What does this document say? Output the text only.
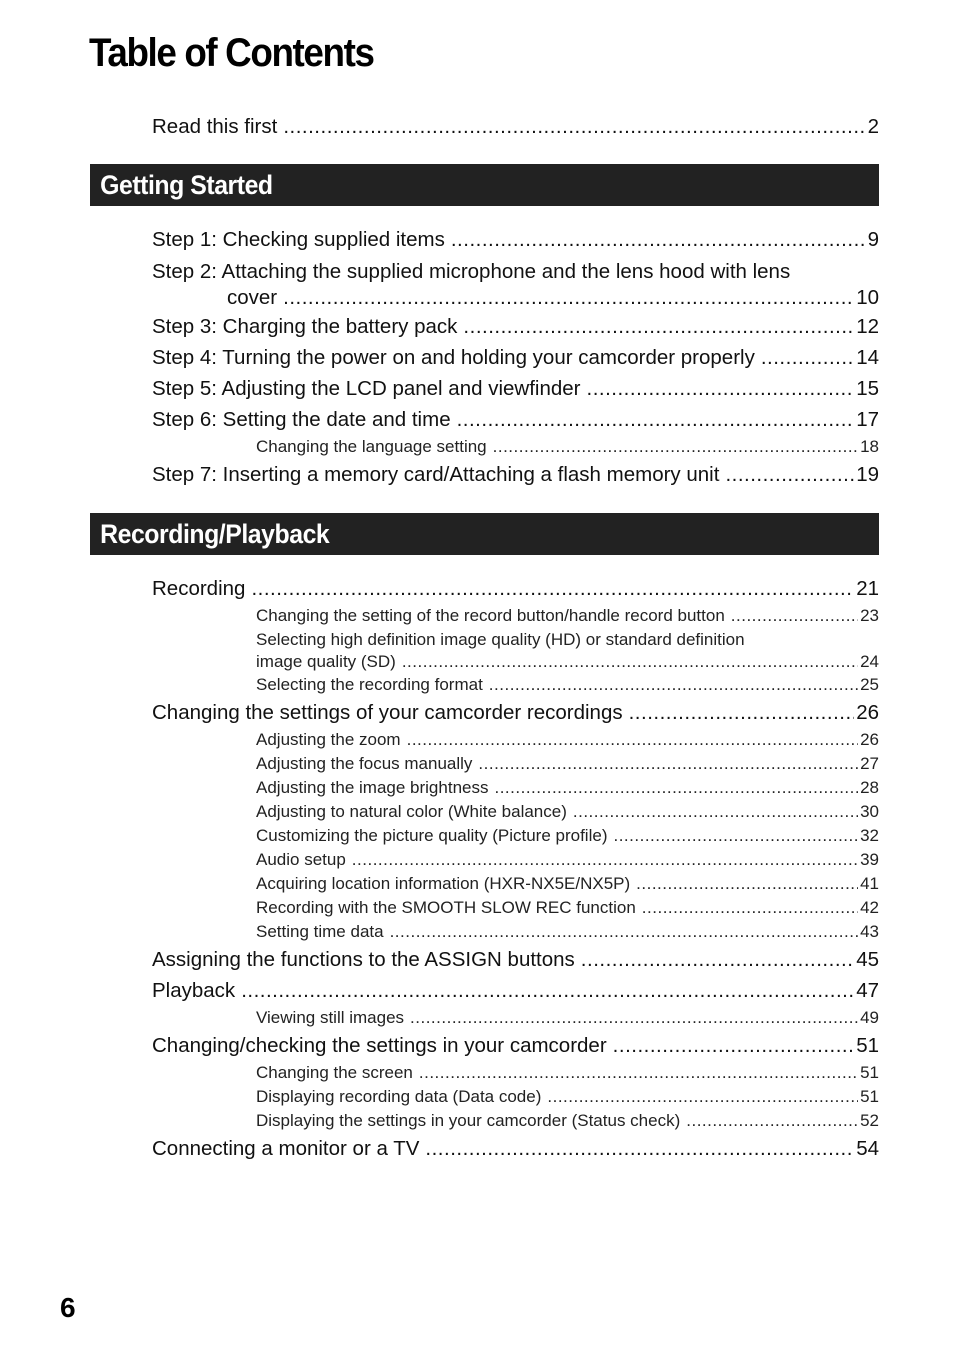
Table of Contents
Read this first .....	2
Getting Started
Step 1: Checking supplied items .....	9
Step 2: Attaching the supplied microphone and the lens hood with lens
cover .....	10
Step 3: Charging the battery pack .....	12
Step 4: Turning the power on and holding your camcorder properly .....	14
Step 5: Adjusting the LCD panel and viewfinder .....	15
Step 6: Setting the date and time .....	17
Changing the language setting .....	18
Step 7: Inserting a memory card/Attaching a flash memory unit .....	19
Recording/Playback
Recording .....	21
Changing the setting of the record button/handle record button .....	23
Selecting high definition image quality (HD) or standard definition
image quality (SD) .....	24
Selecting the recording format .....	25
Changing the settings of your camcorder recordings .....	26
Adjusting the zoom .....	26
Adjusting the focus manually .....	27
Adjusting the image brightness .....	28
Adjusting to natural color (White balance) .....	30
Customizing the picture quality (Picture profile) .....	32
Audio setup .....	39
Acquiring location information (HXR-NX5E/NX5P) .....	41
Recording with the SMOOTH SLOW REC function .....	42
Setting time data .....	43
Assigning the functions to the ASSIGN buttons .....	45
Playback .....	47
Viewing still images .....	49
Changing/checking the settings in your camcorder .....	51
Changing the screen .....	51
Displaying recording data (Data code) .....	51
Displaying the settings in your camcorder (Status check) .....	52
Connecting a monitor or a TV .....	54
6
